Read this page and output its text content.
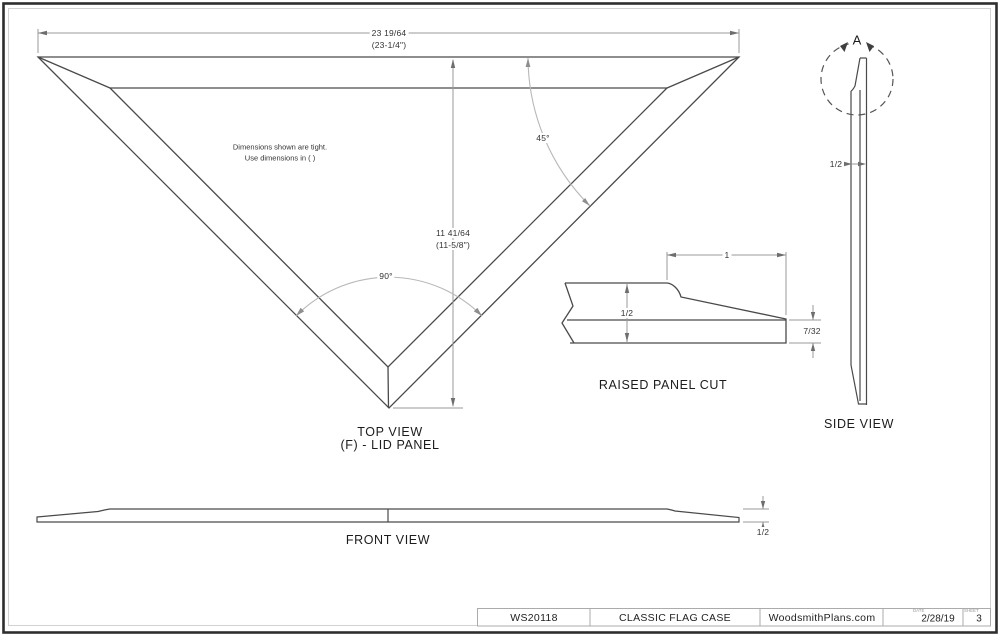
Dimensions shown are tight.
Use dimensions in ( )
23 19/64
(23-1/4")
11 41/64
(11-5/8")
45°
90°
TOP VIEW
(F) - LID PANEL
1
1/2
7/32
RAISED PANEL CUT
A
1/2
SIDE VIEW
1/2
FRONT VIEW
WS20118	CLASSIC FLAG CASE	WoodsmithPlans.com
DATE
2/28/19
SHEET
3
